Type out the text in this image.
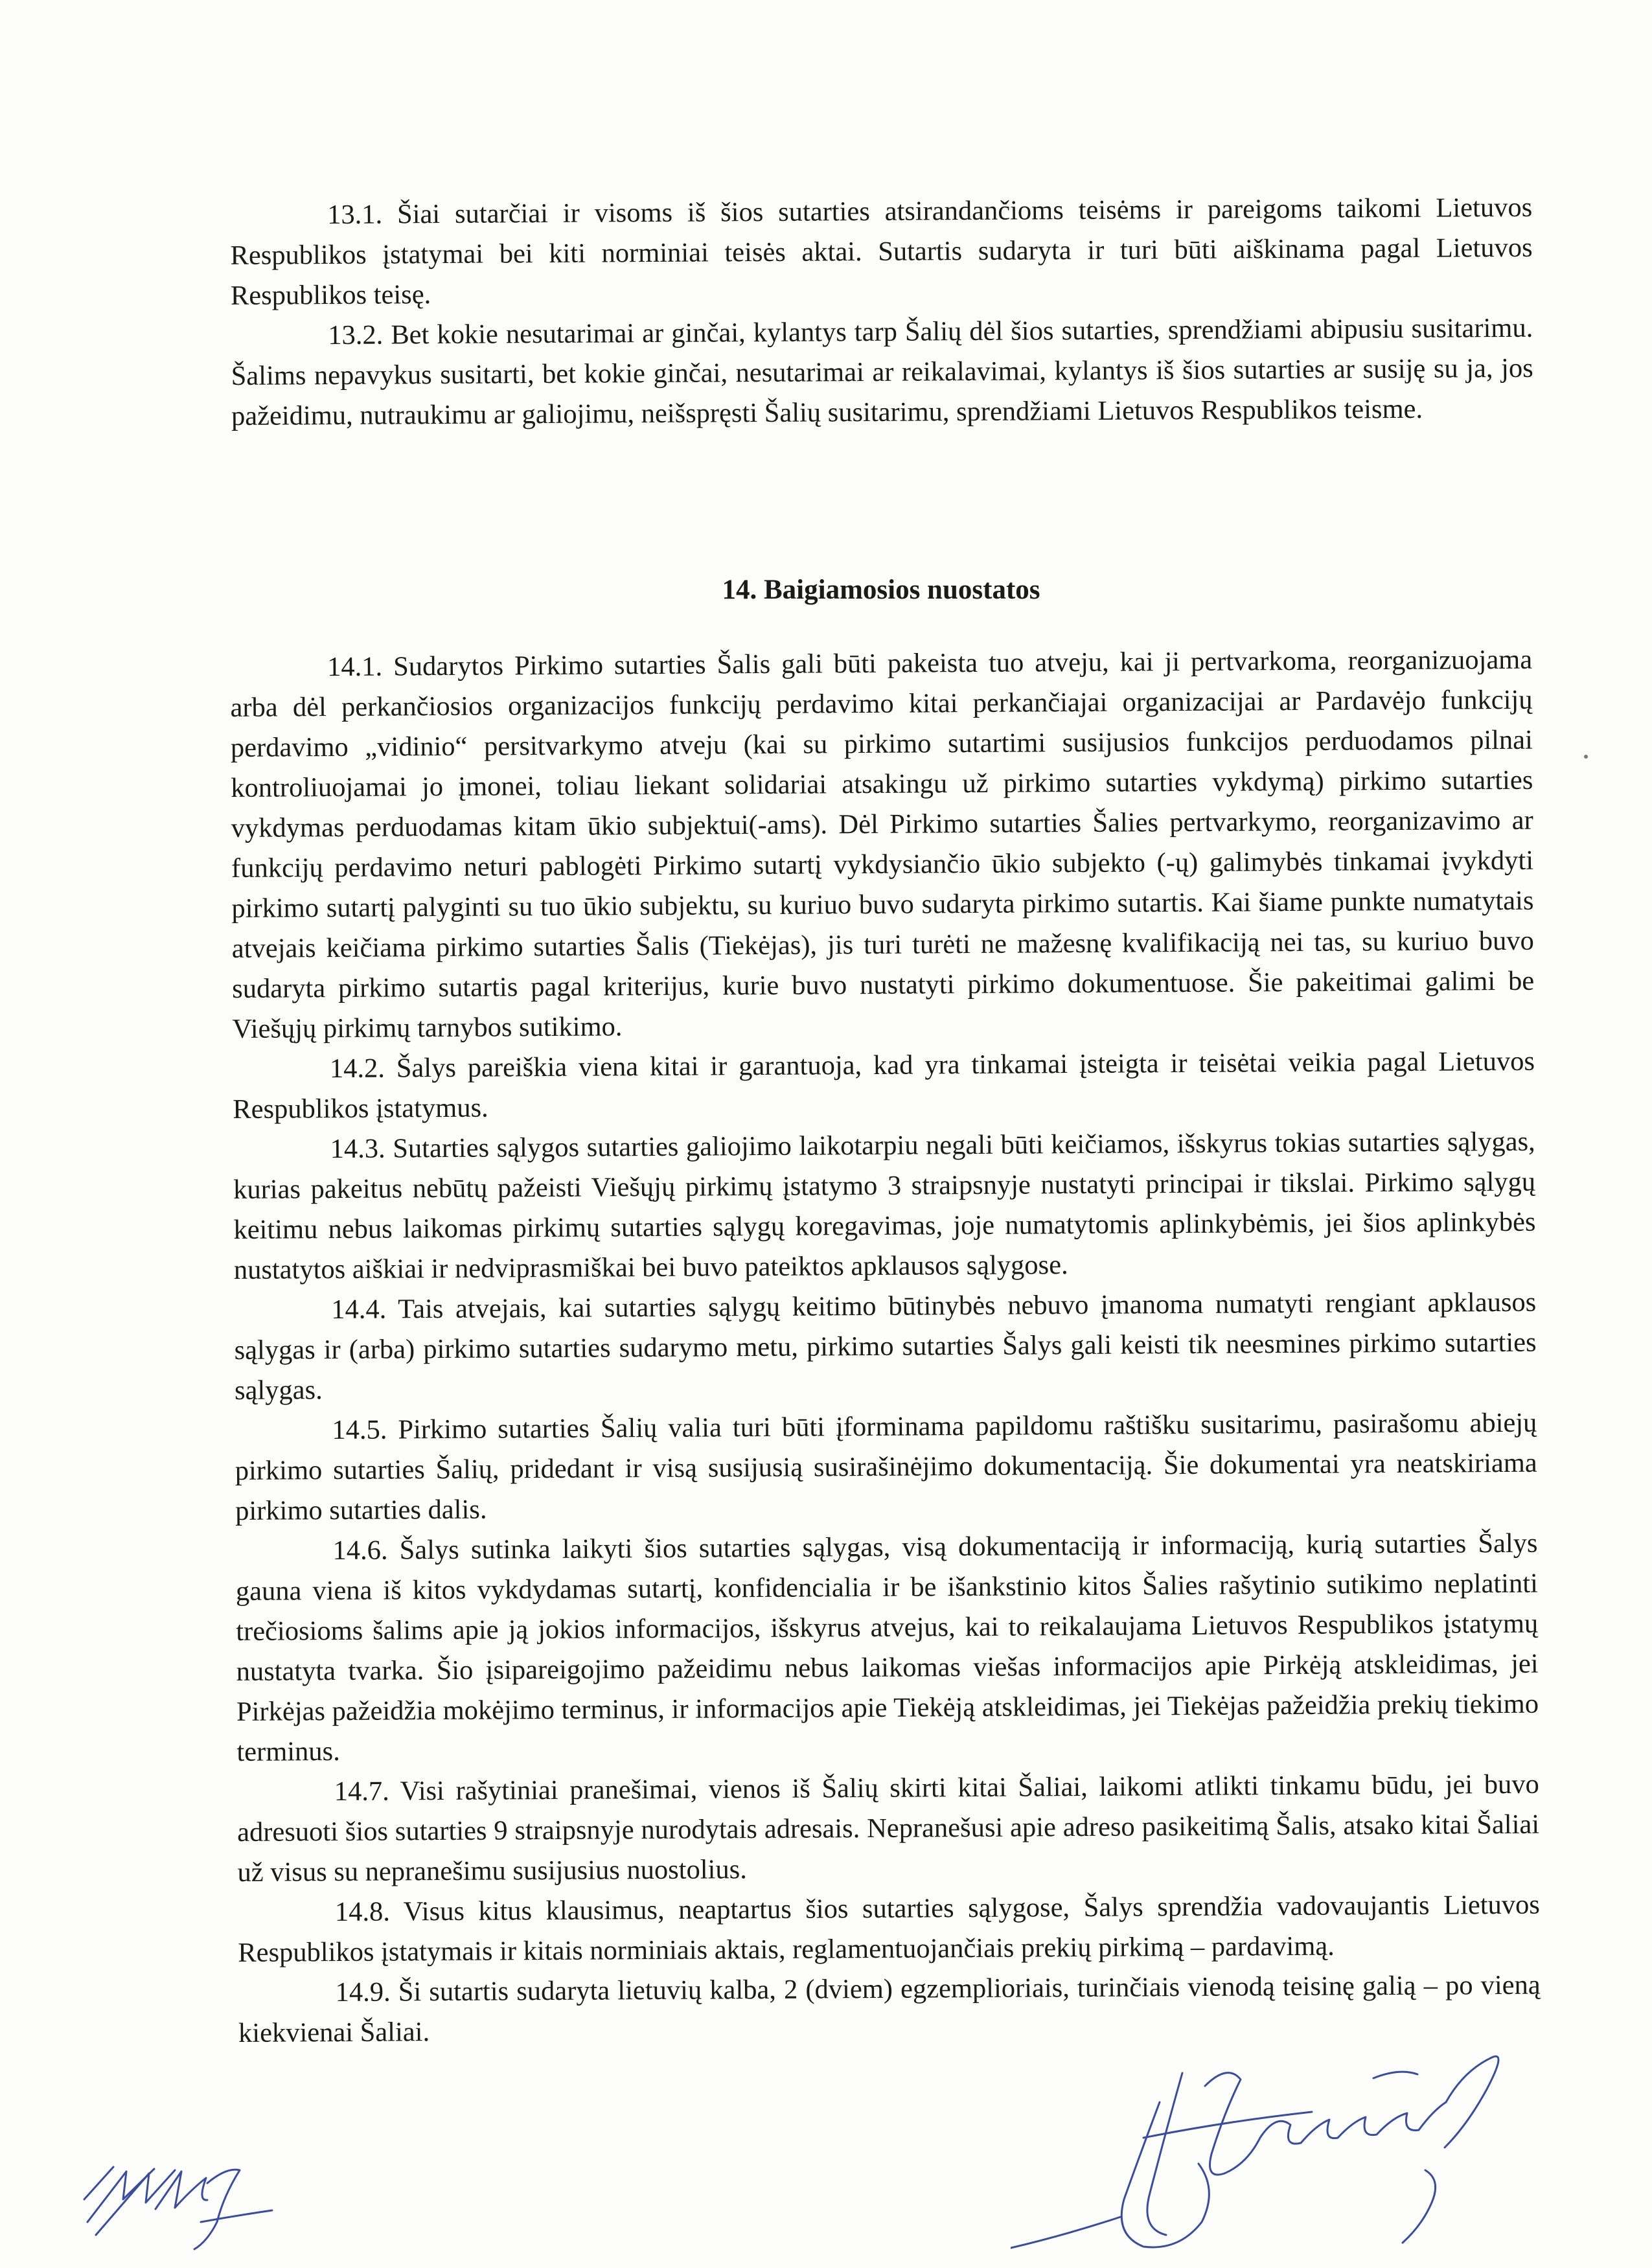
13.1. Šiai sutarčiai ir visoms iš šios sutarties atsirandančioms teisėms ir pareigoms taikomi Lietuvos Respublikos įstatymai bei kiti norminiai teisės aktai. Sutartis sudaryta ir turi būti aiškinama pagal Lietuvos Respublikos teisę.

13.2. Bet kokie nesutarimai ar ginčai, kylantys tarp Šalių dėl šios sutarties, sprendžiami abipusiu susitarimu. Šalims nepavykus susitarti, bet kokie ginčai, nesutarimai ar reikalavimai, kylantys iš šios sutarties ar susiję su ja, jos pažeidimu, nutraukimu ar galiojimu, neišspręsti Šalių susitarimu, sprendžiami Lietuvos Respublikos teisme.

14. Baigiamosios nuostatos

14.1. Sudarytos Pirkimo sutarties Šalis gali būti pakeista tuo atveju, kai ji pertvarkoma, reorganizuojama arba dėl perkančiosios organizacijos funkcijų perdavimo kitai perkančiajai organizacijai ar Pardavėjo funkcijų perdavimo „vidinio“ persitvarkymo atveju (kai su pirkimo sutartimi susijusios funkcijos perduodamos pilnai kontroliuojamai jo įmonei, toliau liekant solidariai atsakingu už pirkimo sutarties vykdymą) pirkimo sutarties vykdymas perduodamas kitam ūkio subjektui(-ams). Dėl Pirkimo sutarties Šalies pertvarkymo, reorganizavimo ar funkcijų perdavimo neturi pablogėti Pirkimo sutartį vykdysiančio ūkio subjekto (-ų) galimybės tinkamai įvykdyti pirkimo sutartį palyginti su tuo ūkio subjektu, su kuriuo buvo sudaryta pirkimo sutartis. Kai šiame punkte numatytais atvejais keičiama pirkimo sutarties Šalis (Tiekėjas), jis turi turėti ne mažesnę kvalifikaciją nei tas, su kuriuo buvo sudaryta pirkimo sutartis pagal kriterijus, kurie buvo nustatyti pirkimo dokumentuose. Šie pakeitimai galimi be Viešųjų pirkimų tarnybos sutikimo.

14.2. Šalys pareiškia viena kitai ir garantuoja, kad yra tinkamai įsteigta ir teisėtai veikia pagal Lietuvos Respublikos įstatymus.

14.3. Sutarties sąlygos sutarties galiojimo laikotarpiu negali būti keičiamos, išskyrus tokias sutarties sąlygas, kurias pakeitus nebūtų pažeisti Viešųjų pirkimų įstatymo 3 straipsnyje nustatyti principai ir tikslai. Pirkimo sąlygų keitimu nebus laikomas pirkimų sutarties sąlygų koregavimas, joje numatytomis aplinkybėmis, jei šios aplinkybės nustatytos aiškiai ir nedviprasmiškai bei buvo pateiktos apklausos sąlygose.

14.4. Tais atvejais, kai sutarties sąlygų keitimo būtinybės nebuvo įmanoma numatyti rengiant apklausos sąlygas ir (arba) pirkimo sutarties sudarymo metu, pirkimo sutarties Šalys gali keisti tik neesmines pirkimo sutarties sąlygas.

14.5. Pirkimo sutarties Šalių valia turi būti įforminama papildomu raštišku susitarimu, pasirašomu abiejų pirkimo sutarties Šalių, pridedant ir visą susijusią susirašinėjimo dokumentaciją. Šie dokumentai yra neatskiriama pirkimo sutarties dalis.

14.6. Šalys sutinka laikyti šios sutarties sąlygas, visą dokumentaciją ir informaciją, kurią sutarties Šalys gauna viena iš kitos vykdydamas sutartį, konfidencialia ir be išankstinio kitos Šalies rašytinio sutikimo neplatinti trečiosioms šalims apie ją jokios informacijos, išskyrus atvejus, kai to reikalaujama Lietuvos Respublikos įstatymų nustatyta tvarka. Šio įsipareigojimo pažeidimu nebus laikomas viešas informacijos apie Pirkėją atskleidimas, jei Pirkėjas pažeidžia mokėjimo terminus, ir informacijos apie Tiekėją atskleidimas, jei Tiekėjas pažeidžia prekių tiekimo terminus.

14.7. Visi rašytiniai pranešimai, vienos iš Šalių skirti kitai Šaliai, laikomi atlikti tinkamu būdu, jei buvo adresuoti šios sutarties 9 straipsnyje nurodytais adresais. Nepranešusi apie adreso pasikeitimą Šalis, atsako kitai Šaliai už visus su nepranešimu susijusius nuostolius.

14.8. Visus kitus klausimus, neaptartus šios sutarties sąlygose, Šalys sprendžia vadovaujantis Lietuvos Respublikos įstatymais ir kitais norminiais aktais, reglamentuojančiais prekių pirkimą – pardavimą.

14.9. Ši sutartis sudaryta lietuvių kalba, 2 (dviem) egzemplioriais, turinčiais vienodą teisinę galią – po vieną kiekvienai Šaliai.
